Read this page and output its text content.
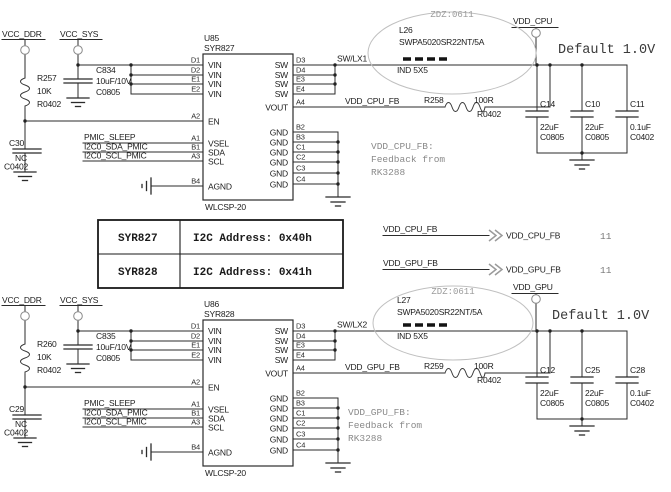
VCC_DDR VCC_SYS
R257
10K
R0402
C834
10uF/10V
C0805
C30
NC
C0402
PMIC_SLEEP
I2C0_SDA_PMIC
I2C0_SCL_PMIC
U85
SYR827
WLCSP-20
D1
D2
E1
E2
A2
A1
B1
A3
B4
VIN
VIN
VIN
VIN
EN
VSEL
SDA
SCL
AGND
D3
D4
E3
E4
A4
B2
B3
C1
C2
C3
C4
SW
SW
SW
SW
VOUT
GND
GND
GND
GND
GND
GND
SW/LX1
VDD_CPU_FB
L26
SWPA5020SR22NT/5A
IND 5X5
ZDZ:0611
VDD_CPU
R258	100R
R0402
Default 1.0V
C14
22uF
C0805
C10
22uF
C0805
C11
0.1uF
C0402
VDD_CPU_FB:
Feedback from
RK3288
SYR827	I2C Address: 0x40h
SYR828	I2C Address: 0x41h
VDD_CPU_FB
VDD_CPU_FB	11
VDD_GPU_FB
VDD_GPU_FB	11
VCC_DDR VCC_SYS
R260
10K
R0402
C835
10uF/10V
C0805
C29
NC
C0402
PMIC_SLEEP
I2C0_SDA_PMIC
I2C0_SCL_PMIC
U86
SYR828
WLCSP-20
D1
D2
E1
E2
A2
A1
B1
A3
B4
VIN
VIN
VIN
VIN
EN
VSEL
SDA
SCL
AGND
D3
D4
E3
E4
A4
B2
B3
C1
C2
C3
C4
SW
SW
SW
SW
VOUT
GND
GND
GND
GND
GND
GND
SW/LX2
VDD_GPU_FB
L27
SWPA5020SR22NT/5A
IND 5X5
ZDZ:0611	VDD_GPU
R259	100R
R0402
Default 1.0V
C12
22uF
C0805
C25
22uF
C0805
C28
0.1uF
C0402
VDD_GPU_FB:
Feedback from
RK3288
